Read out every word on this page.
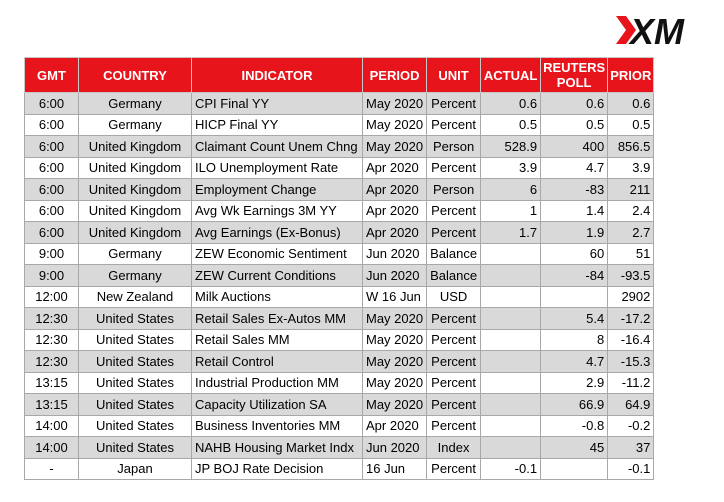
XM
GMT	COUNTRY	INDICATOR	PERIOD	UNIT	ACTUAL	REUTERS POLL	PRIOR
6:00	Germany	CPI Final YY	May 2020	Percent	0.6	0.6	0.6
6:00	Germany	HICP Final YY	May 2020	Percent	0.5	0.5	0.5
6:00	United Kingdom	Claimant Count Unem Chng	May 2020	Person	528.9	400	856.5
6:00	United Kingdom	ILO Unemployment Rate	Apr 2020	Percent	3.9	4.7	3.9
6:00	United Kingdom	Employment Change	Apr 2020	Person	6	-83	211
6:00	United Kingdom	Avg Wk Earnings 3M YY	Apr 2020	Percent	1	1.4	2.4
6:00	United Kingdom	Avg Earnings (Ex-Bonus)	Apr 2020	Percent	1.7	1.9	2.7
9:00	Germany	ZEW Economic Sentiment	Jun 2020	Balance		60	51
9:00	Germany	ZEW Current Conditions	Jun 2020	Balance		-84	-93.5
12:00	New Zealand	Milk Auctions	W 16 Jun	USD			2902
12:30	United States	Retail Sales Ex-Autos MM	May 2020	Percent		5.4	-17.2
12:30	United States	Retail Sales MM	May 2020	Percent		8	-16.4
12:30	United States	Retail Control	May 2020	Percent		4.7	-15.3
13:15	United States	Industrial Production MM	May 2020	Percent		2.9	-11.2
13:15	United States	Capacity Utilization SA	May 2020	Percent		66.9	64.9
14:00	United States	Business Inventories MM	Apr 2020	Percent		-0.8	-0.2
14:00	United States	NAHB Housing Market Indx	Jun 2020	Index		45	37
-	Japan	JP BOJ Rate Decision	16 Jun	Percent	-0.1		-0.1
